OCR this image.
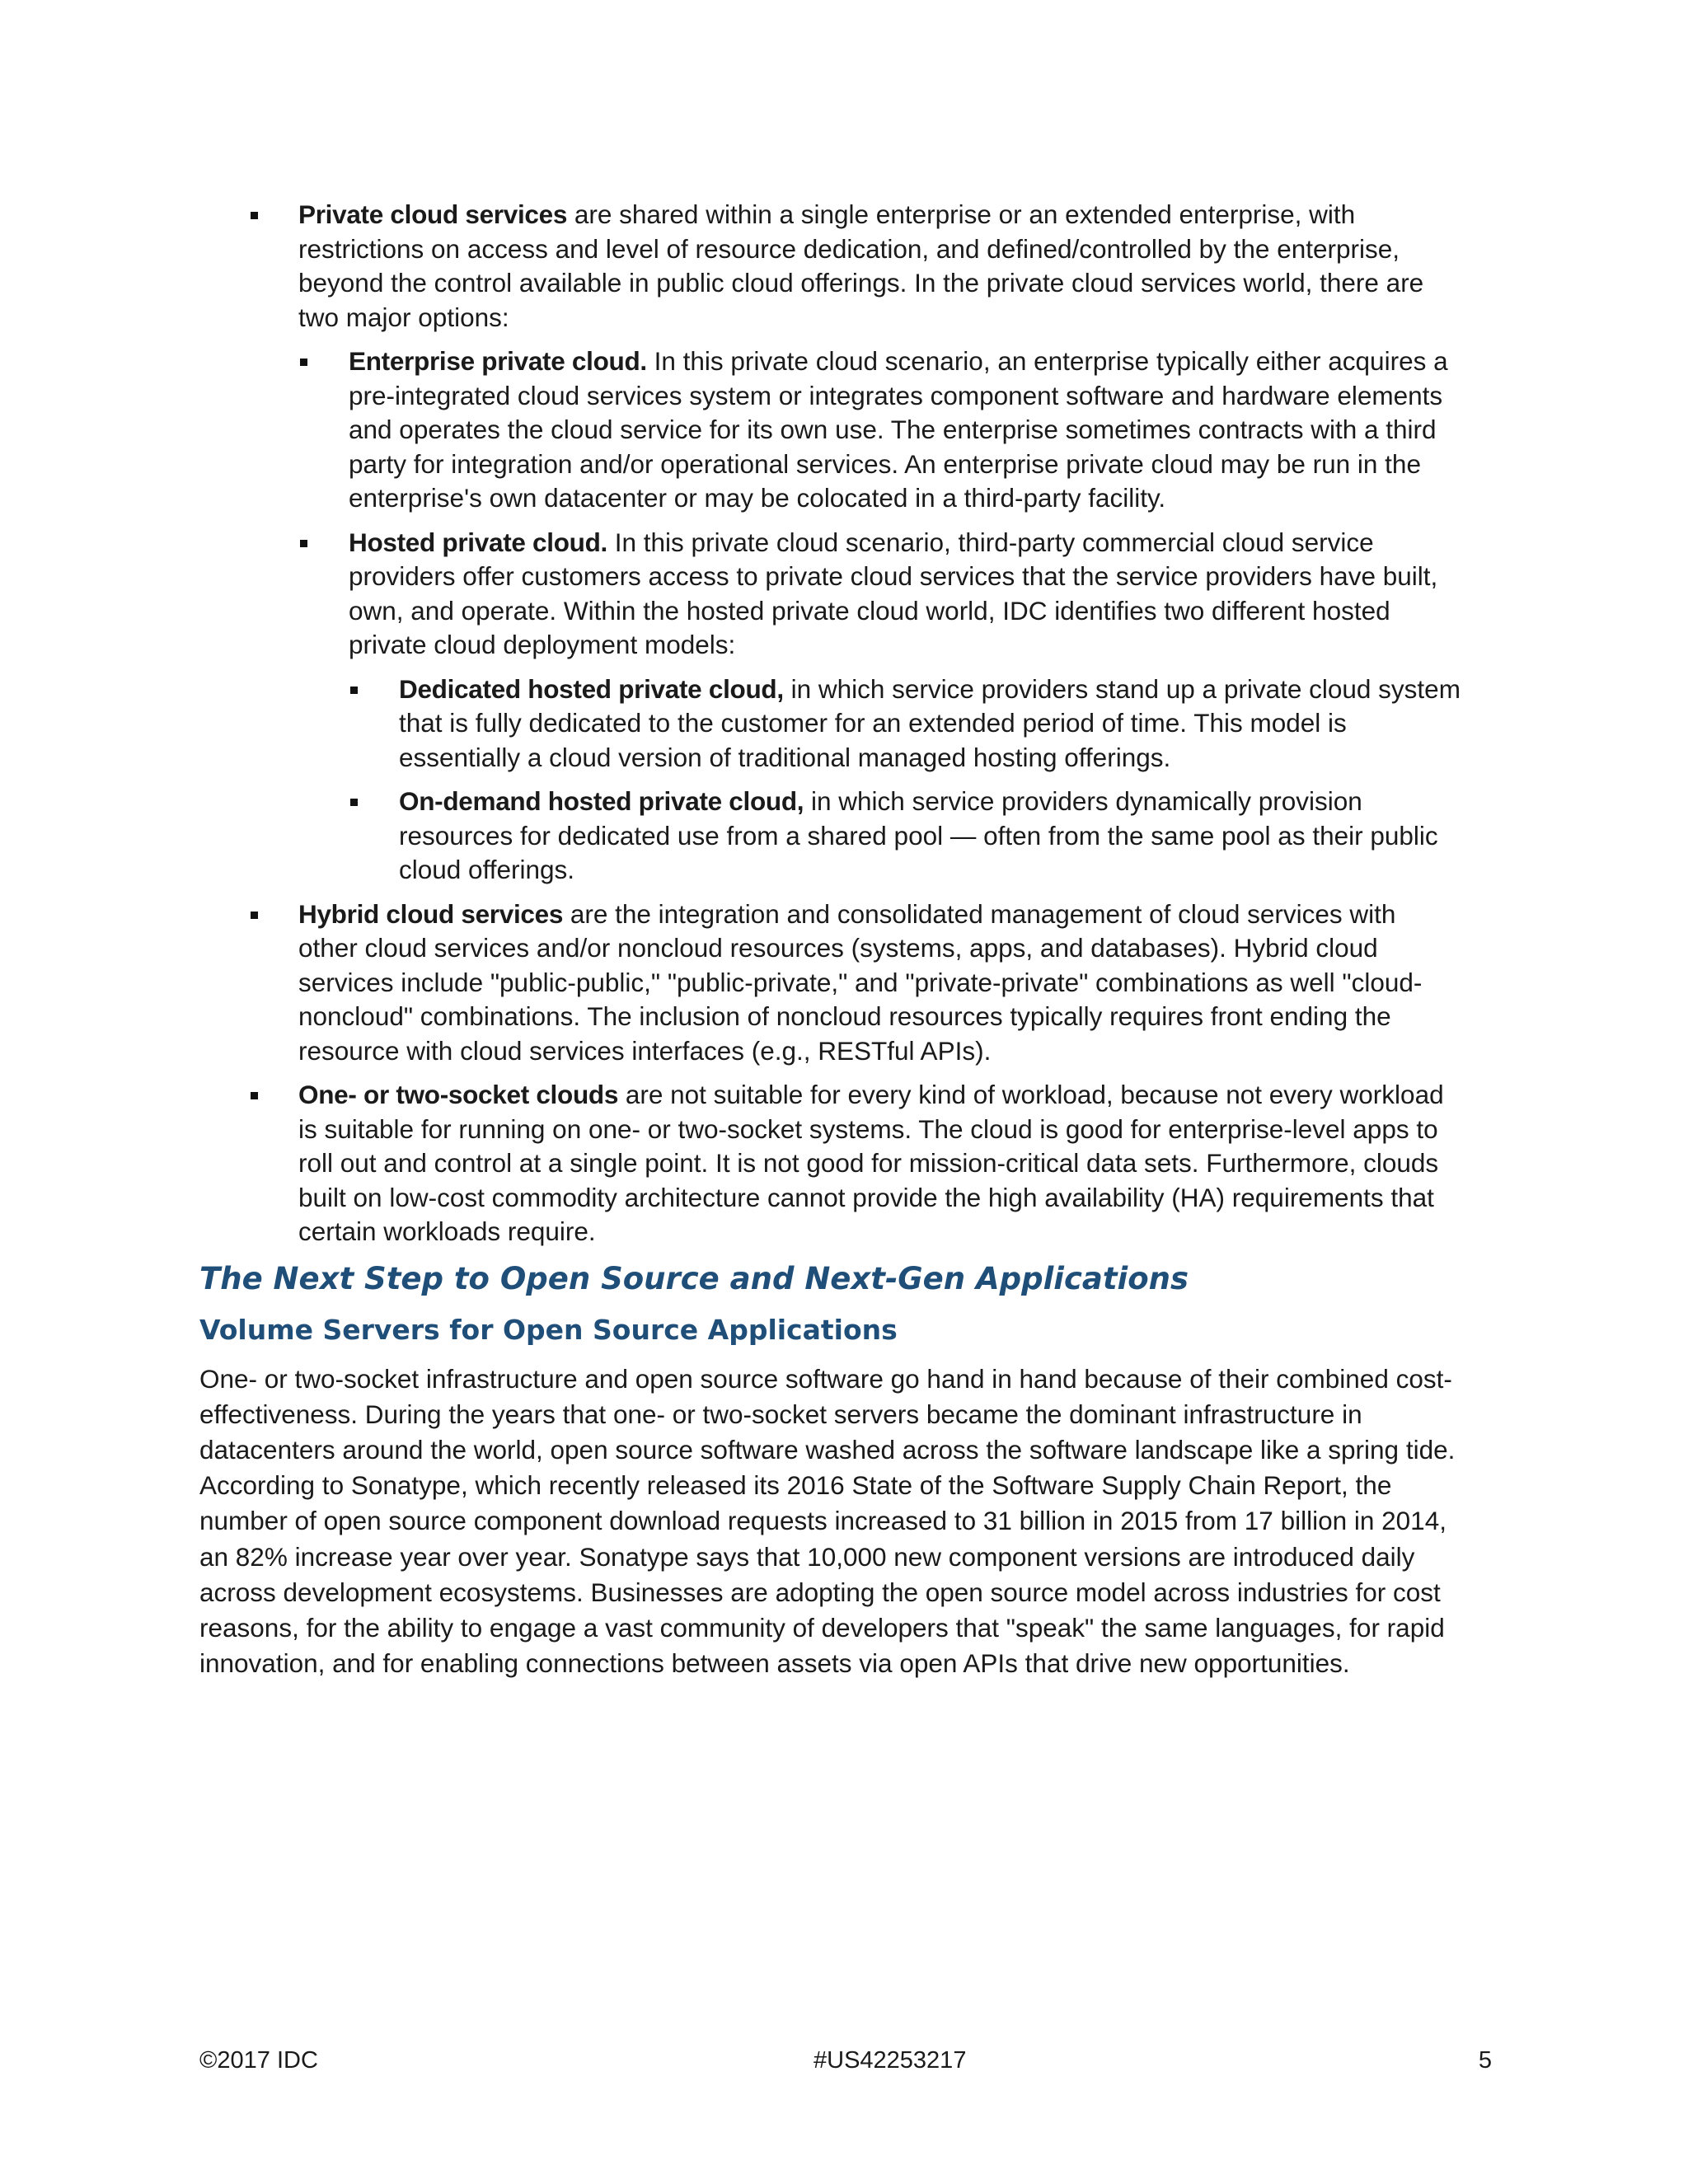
Private cloud services are shared within a single enterprise or an extended enterprise, with restrictions on access and level of resource dedication, and defined/controlled by the enterprise, beyond the control available in public cloud offerings. In the private cloud services world, there are two major options:
Enterprise private cloud. In this private cloud scenario, an enterprise typically either acquires a pre-integrated cloud services system or integrates component software and hardware elements and operates the cloud service for its own use. The enterprise sometimes contracts with a third party for integration and/or operational services. An enterprise private cloud may be run in the enterprise's own datacenter or may be colocated in a third-party facility.
Hosted private cloud. In this private cloud scenario, third-party commercial cloud service providers offer customers access to private cloud services that the service providers have built, own, and operate. Within the hosted private cloud world, IDC identifies two different hosted private cloud deployment models:
Dedicated hosted private cloud, in which service providers stand up a private cloud system that is fully dedicated to the customer for an extended period of time. This model is essentially a cloud version of traditional managed hosting offerings.
On-demand hosted private cloud, in which service providers dynamically provision resources for dedicated use from a shared pool — often from the same pool as their public cloud offerings.
Hybrid cloud services are the integration and consolidated management of cloud services with other cloud services and/or noncloud resources (systems, apps, and databases). Hybrid cloud services include "public-public," "public-private," and "private-private" combinations as well "cloud-noncloud" combinations. The inclusion of noncloud resources typically requires front ending the resource with cloud services interfaces (e.g., RESTful APIs).
One- or two-socket clouds are not suitable for every kind of workload, because not every workload is suitable for running on one- or two-socket systems. The cloud is good for enterprise-level apps to roll out and control at a single point. It is not good for mission-critical data sets. Furthermore, clouds built on low-cost commodity architecture cannot provide the high availability (HA) requirements that certain workloads require.
The Next Step to Open Source and Next-Gen Applications
Volume Servers for Open Source Applications

One- or two-socket infrastructure and open source software go hand in hand because of their combined cost-effectiveness. During the years that one- or two-socket servers became the dominant infrastructure in datacenters around the world, open source software washed across the software landscape like a spring tide. According to Sonatype, which recently released its 2016 State of the Software Supply Chain Report, the number of open source component download requests increased to 31 billion in 2015 from 17 billion in 2014, an 82% increase year over year. Sonatype says that 10,000 new component versions are introduced daily across development ecosystems. Businesses are adopting the open source model across industries for cost reasons, for the ability to engage a vast community of developers that "speak" the same languages, for rapid innovation, and for enabling connections between assets via open APIs that drive new opportunities.

©2017 IDC	#US42253217	5
